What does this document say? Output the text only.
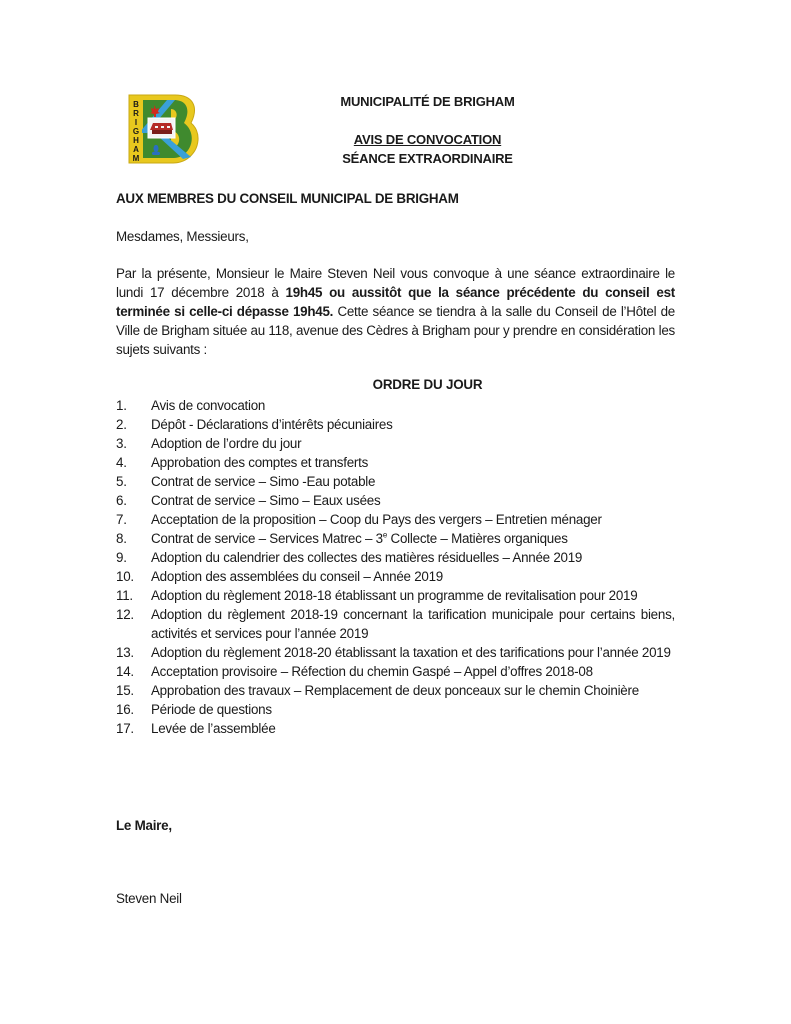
B
R
I
G
H
A
M
MUNICIPALITÉ DE BRIGHAM
AVIS DE CONVOCATION
SÉANCE EXTRAORDINAIRE
AUX MEMBRES DU CONSEIL MUNICIPAL DE BRIGHAM
Mesdames, Messieurs,
Par la présente, Monsieur le Maire Steven Neil vous convoque à une séance extraordinaire le lundi 17 décembre 2018 à 19h45 ou aussitôt que la séance précédente du conseil est terminée si celle-ci dépasse 19h45. Cette séance se tiendra à la salle du Conseil de l’Hôtel de Ville de Brigham située au 118, avenue des Cèdres à Brigham pour y prendre en considération les sujets suivants :
ORDRE DU JOUR
1. Avis de convocation
2. Dépôt - Déclarations d’intérêts pécuniaires
3. Adoption de l’ordre du jour
4. Approbation des comptes et transferts
5. Contrat de service – Simo -Eau potable
6. Contrat de service – Simo – Eaux usées
7. Acceptation de la proposition – Coop du Pays des vergers – Entretien ménager
8. Contrat de service – Services Matrec – 3e Collecte – Matières organiques
9. Adoption du calendrier des collectes des matières résiduelles – Année 2019
10. Adoption des assemblées du conseil – Année 2019
11. Adoption du règlement 2018-18 établissant un programme de revitalisation pour 2019
12. Adoption du règlement 2018-19 concernant la tarification municipale pour certains biens, activités et services pour l’année 2019
13. Adoption du règlement 2018-20 établissant la taxation et des tarifications pour l’année 2019
14. Acceptation provisoire – Réfection du chemin Gaspé – Appel d’offres 2018-08
15. Approbation des travaux – Remplacement de deux ponceaux sur le chemin Choinière
16. Période de questions
17. Levée de l’assemblée
Le Maire,
Steven Neil
